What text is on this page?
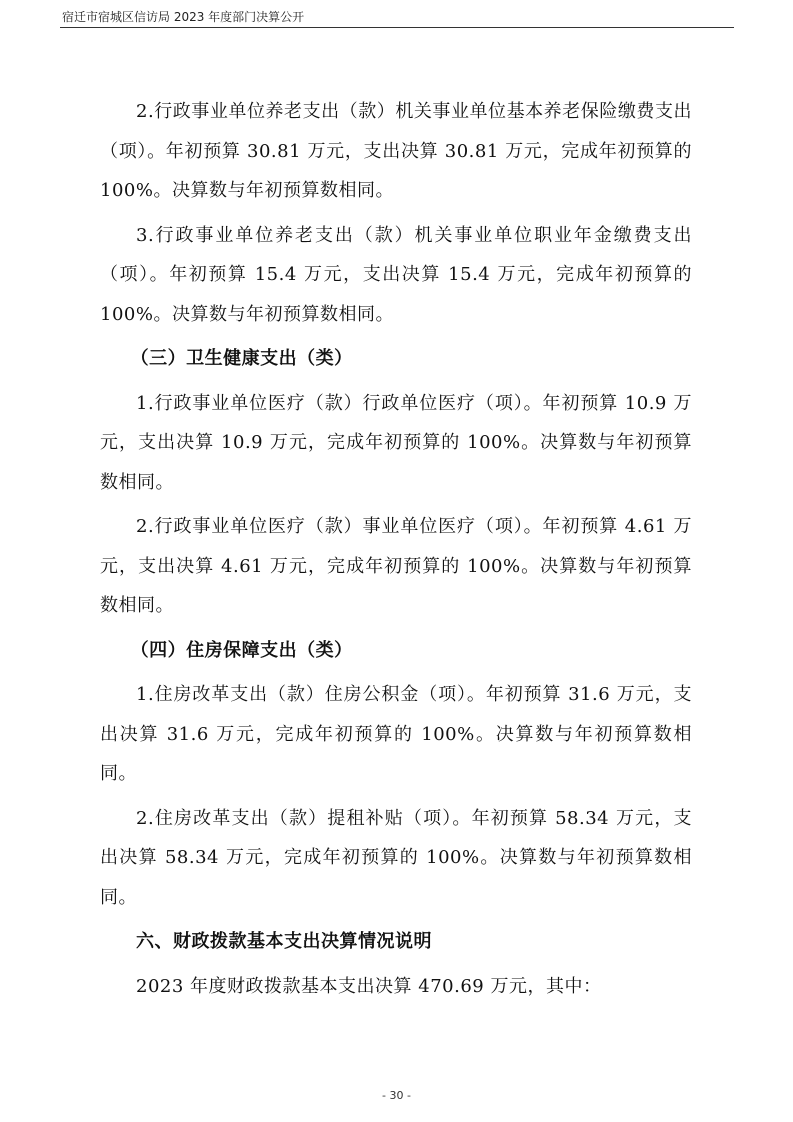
宿迁市宿城区信访局 2023 年度部门决算公开

2.行政事业单位养老支出（款）机关事业单位基本养老保险缴费支出（项）。年初预算 30.81 万元，支出决算 30.81 万元，完成年初预算的 100%。决算数与年初预算数相同。

3.行政事业单位养老支出（款）机关事业单位职业年金缴费支出（项）。年初预算 15.4 万元，支出决算 15.4 万元，完成年初预算的 100%。决算数与年初预算数相同。

（三）卫生健康支出（类）

1.行政事业单位医疗（款）行政单位医疗（项）。年初预算 10.9 万元，支出决算 10.9 万元，完成年初预算的 100%。决算数与年初预算数相同。

2.行政事业单位医疗（款）事业单位医疗（项）。年初预算 4.61 万元，支出决算 4.61 万元，完成年初预算的 100%。决算数与年初预算数相同。

（四）住房保障支出（类）

1.住房改革支出（款）住房公积金（项）。年初预算 31.6 万元，支出决算 31.6 万元，完成年初预算的 100%。决算数与年初预算数相同。

2.住房改革支出（款）提租补贴（项）。年初预算 58.34 万元，支出决算 58.34 万元，完成年初预算的 100%。决算数与年初预算数相同。

六、财政拨款基本支出决算情况说明

2023 年度财政拨款基本支出决算 470.69 万元，其中：

- 30 -
